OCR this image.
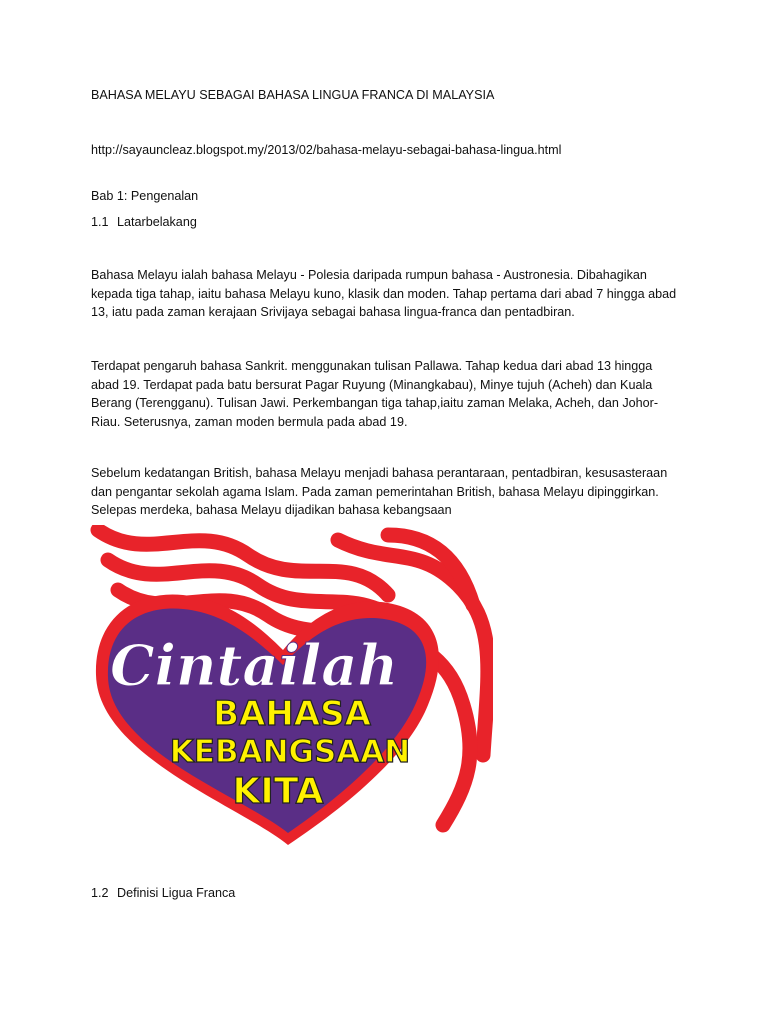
BAHASA MELAYU SEBAGAI BAHASA LINGUA FRANCA DI MALAYSIA

http://sayauncleaz.blogspot.my/2013/02/bahasa-melayu-sebagai-bahasa-lingua.html

Bab 1: Pengenalan

1.1 Latarbelakang

Bahasa Melayu ialah bahasa Melayu - Polesia daripada rumpun bahasa - Austronesia. Dibahagikan kepada tiga tahap, iaitu bahasa Melayu kuno, klasik dan moden. Tahap pertama dari abad 7 hingga abad 13, iatu pada zaman kerajaan Srivijaya sebagai bahasa lingua-franca dan pentadbiran.

Terdapat pengaruh bahasa Sankrit. menggunakan tulisan Pallawa. Tahap kedua dari abad 13 hingga abad 19. Terdapat pada batu bersurat Pagar Ruyung (Minangkabau), Minye tujuh (Acheh) dan Kuala Berang (Terengganu). Tulisan Jawi. Perkembangan tiga tahap,iaitu zaman Melaka, Acheh, dan Johor-Riau. Seterusnya, zaman moden bermula pada abad 19.

Sebelum kedatangan British, bahasa Melayu menjadi bahasa perantaraan, pentadbiran, kesusasteraan dan pengantar sekolah agama Islam. Pada zaman pemerintahan British, bahasa Melayu dipinggirkan. Selepas merdeka, bahasa Melayu dijadikan bahasa kebangsaan

Cintailah
BAHASA
KEBANGSAAN
KITA

1.2 Definisi Ligua Franca
